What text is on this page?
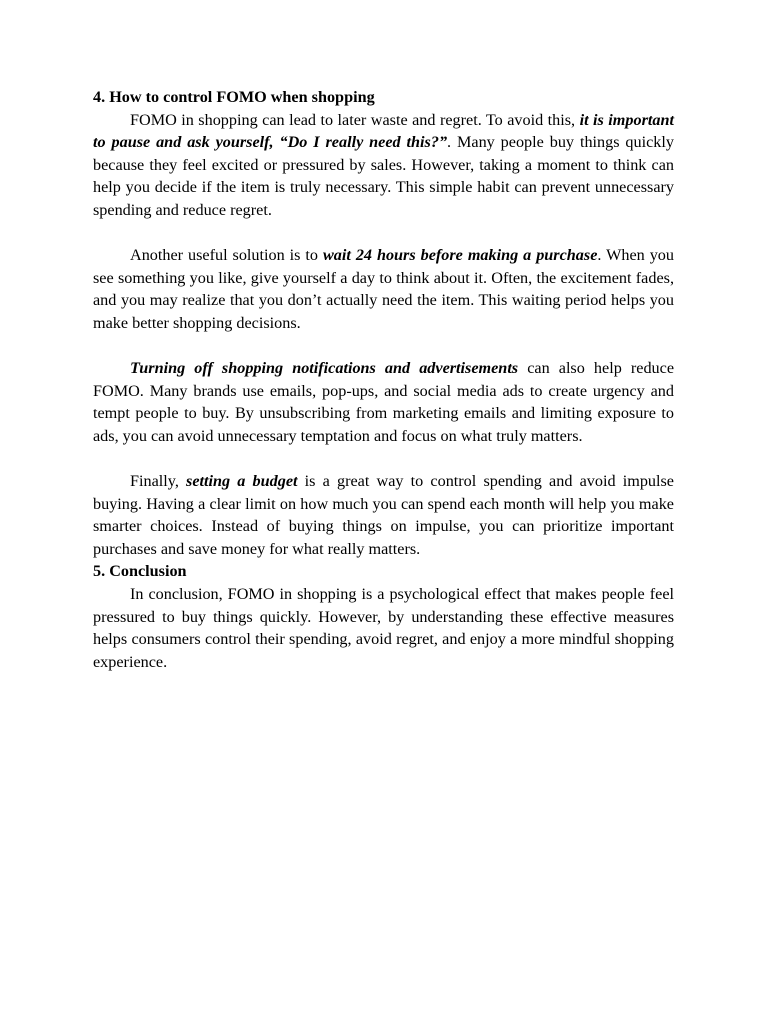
4. How to control FOMO when shopping

FOMO in shopping can lead to later waste and regret. To avoid this, it is important to pause and ask yourself, “Do I really need this?”. Many people buy things quickly because they feel excited or pressured by sales. However, taking a moment to think can help you decide if the item is truly necessary. This simple habit can prevent unnecessary spending and reduce regret.

Another useful solution is to wait 24 hours before making a purchase. When you see something you like, give yourself a day to think about it. Often, the excitement fades, and you may realize that you don’t actually need the item. This waiting period helps you make better shopping decisions.

Turning off shopping notifications and advertisements can also help reduce FOMO. Many brands use emails, pop-ups, and social media ads to create urgency and tempt people to buy. By unsubscribing from marketing emails and limiting exposure to ads, you can avoid unnecessary temptation and focus on what truly matters.

Finally, setting a budget is a great way to control spending and avoid impulse buying. Having a clear limit on how much you can spend each month will help you make smarter choices. Instead of buying things on impulse, you can prioritize important purchases and save money for what really matters.

5. Conclusion

In conclusion, FOMO in shopping is a psychological effect that makes people feel pressured to buy things quickly. However, by understanding these effective measures helps consumers control their spending, avoid regret, and enjoy a more mindful shopping experience.
